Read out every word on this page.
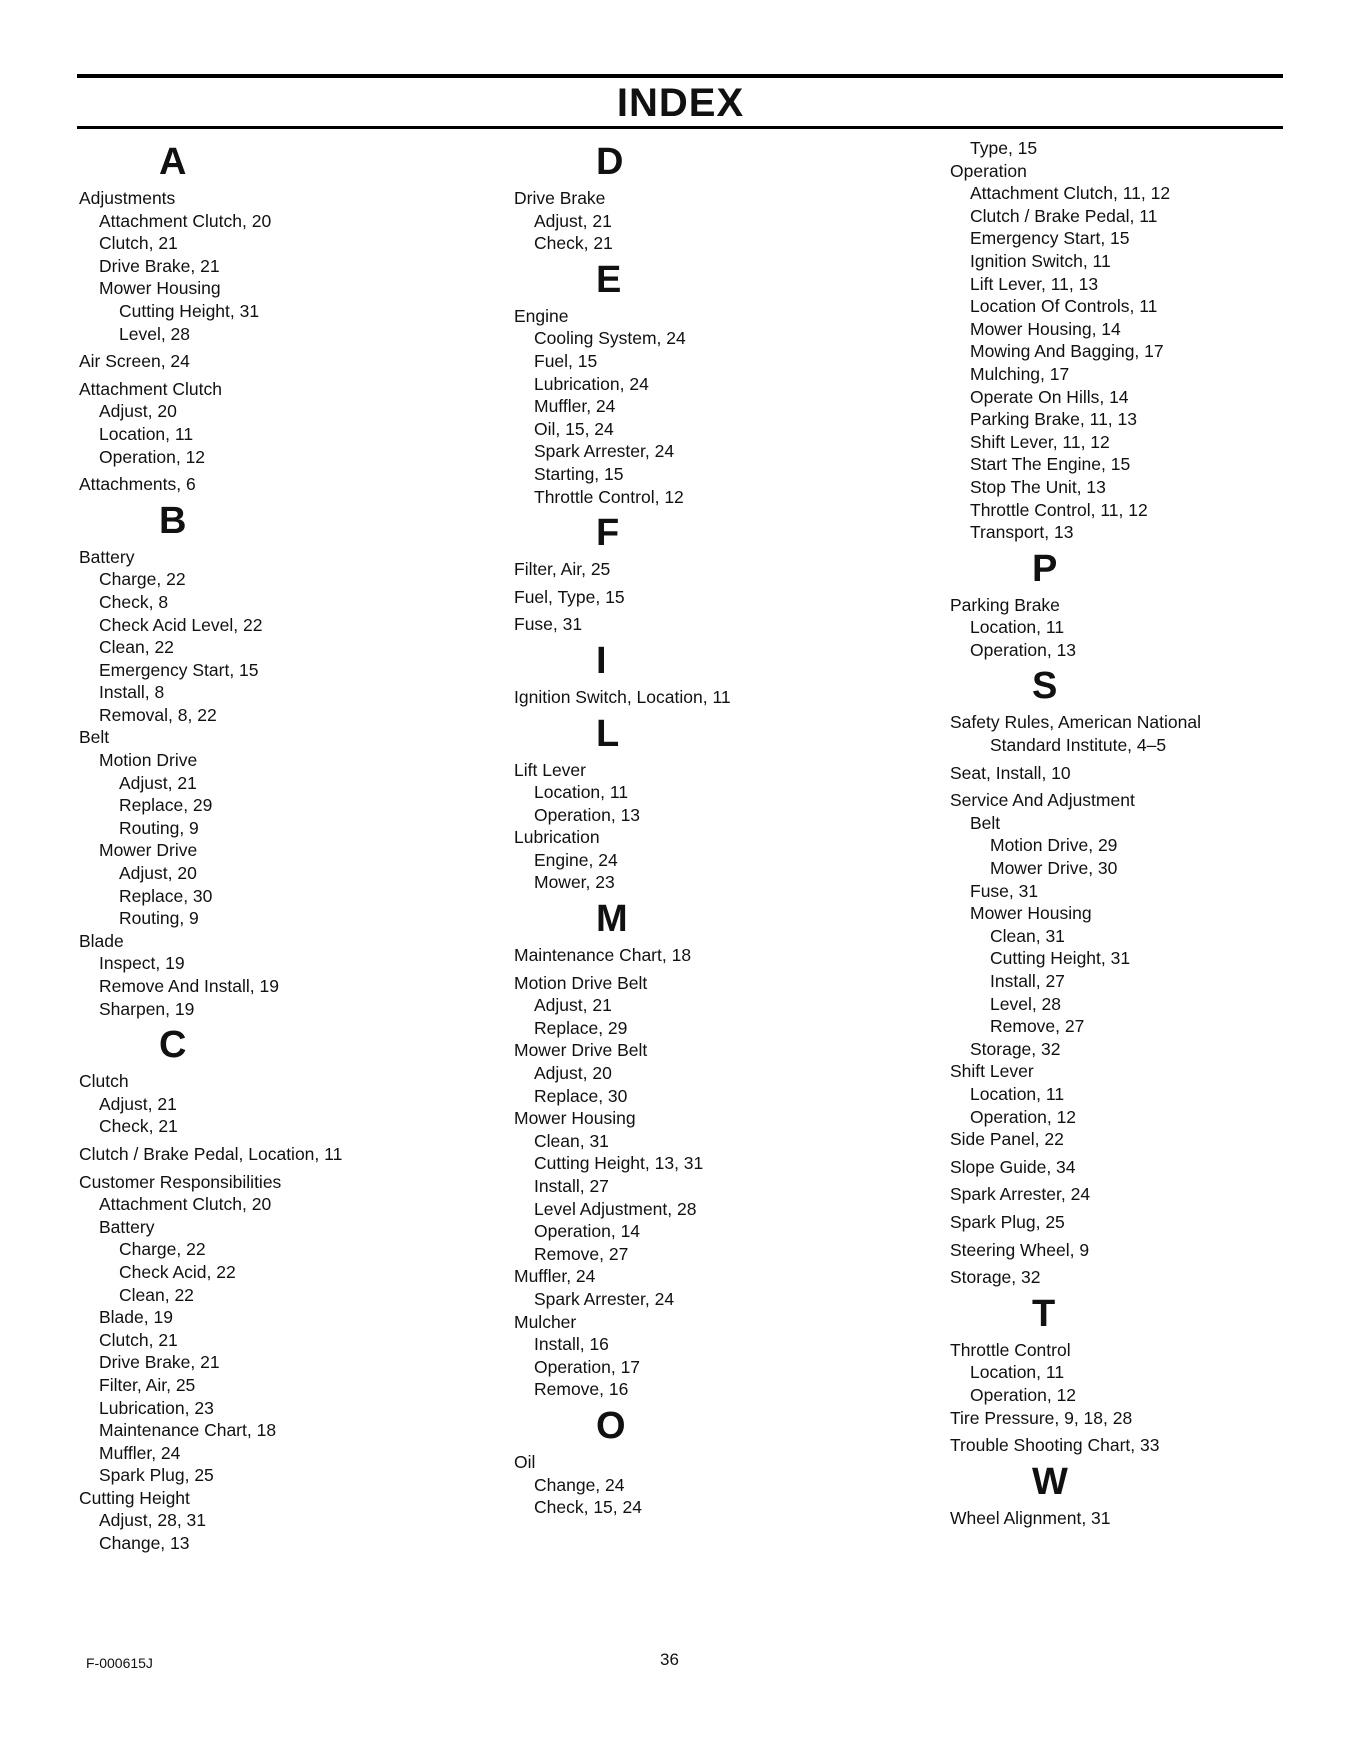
INDEX
A
Adjustments
Attachment Clutch, 20
Clutch, 21
Drive Brake, 21
Mower Housing
Cutting Height, 31
Level, 28
Air Screen, 24
Attachment Clutch
Adjust, 20
Location, 11
Operation, 12
Attachments, 6
B
Battery
Charge, 22
Check, 8
Check Acid Level, 22
Clean, 22
Emergency Start, 15
Install, 8
Removal, 8, 22
Belt
Motion Drive
Adjust, 21
Replace, 29
Routing, 9
Mower Drive
Adjust, 20
Replace, 30
Routing, 9
Blade
Inspect, 19
Remove And Install, 19
Sharpen, 19
C
Clutch
Adjust, 21
Check, 21
Clutch / Brake Pedal, Location, 11
Customer Responsibilities
Attachment Clutch, 20
Battery
Charge, 22
Check Acid, 22
Clean, 22
Blade, 19
Clutch, 21
Drive Brake, 21
Filter, Air, 25
Lubrication, 23
Maintenance Chart, 18
Muffler, 24
Spark Plug, 25
Cutting Height
Adjust, 28, 31
Change, 13
D
Drive Brake
Adjust, 21
Check, 21
E
Engine
Cooling System, 24
Fuel, 15
Lubrication, 24
Muffler, 24
Oil, 15, 24
Spark Arrester, 24
Starting, 15
Throttle Control, 12
F
Filter, Air, 25
Fuel, Type, 15
Fuse, 31
I
Ignition Switch, Location, 11
L
Lift Lever
Location, 11
Operation, 13
Lubrication
Engine, 24
Mower, 23
M
Maintenance Chart, 18
Motion Drive Belt
Adjust, 21
Replace, 29
Mower Drive Belt
Adjust, 20
Replace, 30
Mower Housing
Clean, 31
Cutting Height, 13, 31
Install, 27
Level Adjustment, 28
Operation, 14
Remove, 27
Muffler, 24
Spark Arrester, 24
Mulcher
Install, 16
Operation, 17
Remove, 16
O
Oil
Change, 24
Check, 15, 24
Type, 15
Operation
Attachment Clutch, 11, 12
Clutch / Brake Pedal, 11
Emergency Start, 15
Ignition Switch, 11
Lift Lever, 11, 13
Location Of Controls, 11
Mower Housing, 14
Mowing And Bagging, 17
Mulching, 17
Operate On Hills, 14
Parking Brake, 11, 13
Shift Lever, 11, 12
Start The Engine, 15
Stop The Unit, 13
Throttle Control, 11, 12
Transport, 13
P
Parking Brake
Location, 11
Operation, 13
S
Safety Rules, American National
Standard Institute, 4–5
Seat, Install, 10
Service And Adjustment
Belt
Motion Drive, 29
Mower Drive, 30
Fuse, 31
Mower Housing
Clean, 31
Cutting Height, 31
Install, 27
Level, 28
Remove, 27
Storage, 32
Shift Lever
Location, 11
Operation, 12
Side Panel, 22
Slope Guide, 34
Spark Arrester, 24
Spark Plug, 25
Steering Wheel, 9
Storage, 32
T
Throttle Control
Location, 11
Operation, 12
Tire Pressure, 9, 18, 28
Trouble Shooting Chart, 33
W
Wheel Alignment, 31
F-000615J	36
